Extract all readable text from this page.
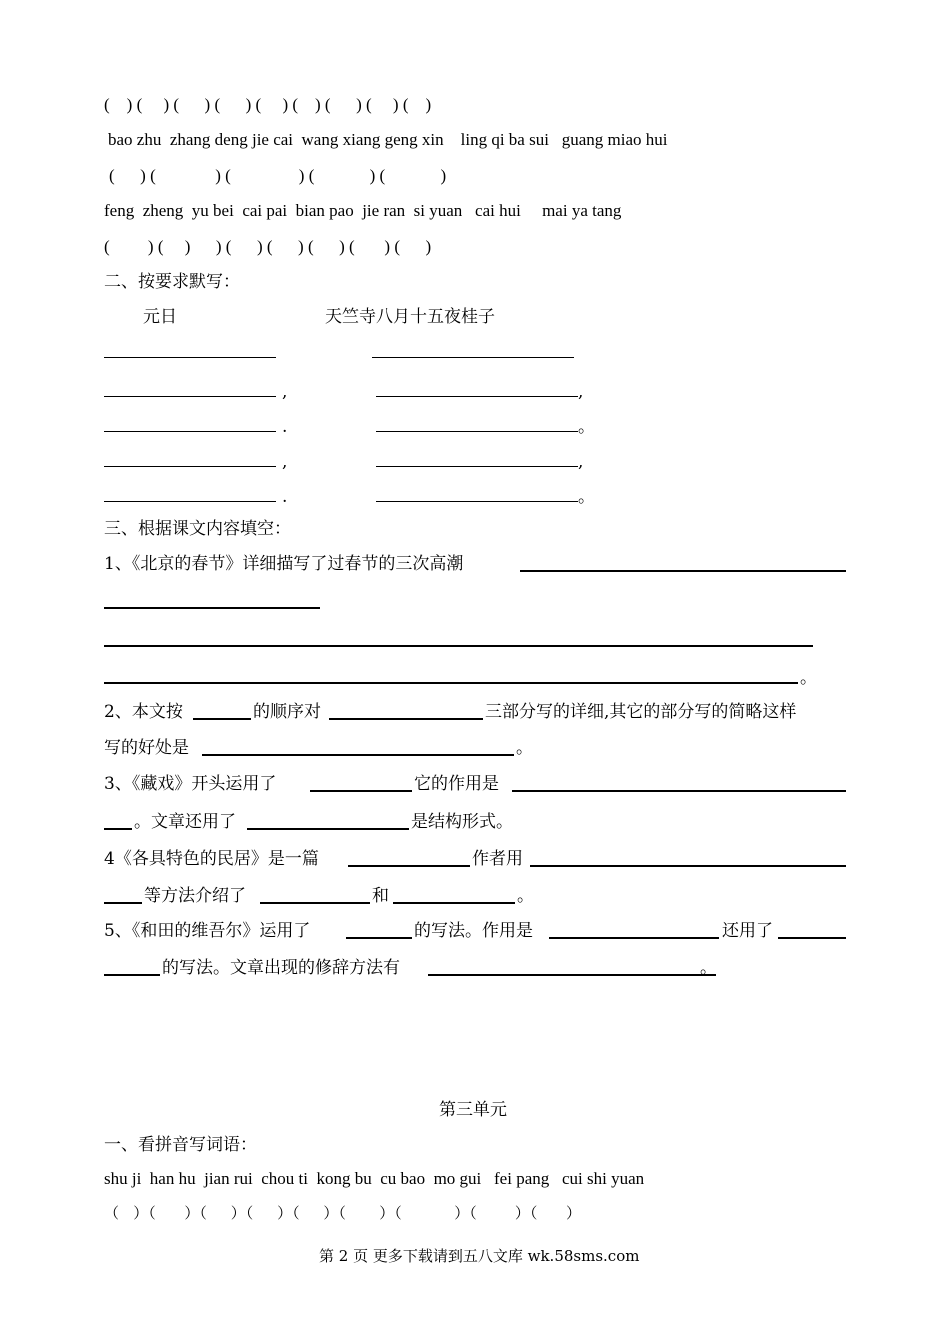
(    ) (     ) (      ) (      ) (     ) (    ) (      ) (     ) (    )
bao zhu  zhang deng jie cai  wang xiang geng xin    ling qi ba sui   guang miao hui
(      ) (              ) (                ) (             ) (             )
feng  zheng  yu bei  cai pai  bian pao  jie ran  si yuan   cai hui     mai ya tang
(         ) (     )      ) (      ) (      ) (      ) (       ) (      )
二、按要求默写：
元日	天竺寺八月十五夜桂子
,	,
.	。
,	,
.	。
三、根据课文内容填空：
1、《北京的春节》详细描写了过春节的三次高潮
。
2、本文按	的顺序对	三部分写的详细,其它的部分写的简略这样
写的好处是	。
3、《藏戏》开头运用了	它的作用是
。文章还用了	是结构形式。
4《各具特色的民居》是一篇	作者用
等方法介绍了	和	。
5、《和田的维吾尔》运用了	的写法。作用是	还用了
的写法。文章出现的修辞方法有	。
第三单元
一、看拼音写词语：
shu ji  han hu  jian rui  chou ti  kong bu  cu bao  mo gui   fei pang   cui shi yuan
（   ）（      ）（     ）（     ）（     ）（       ）（           ）（        ）（      ）
第 2 页 更多下载请到五八文库 wk.58sms.com
